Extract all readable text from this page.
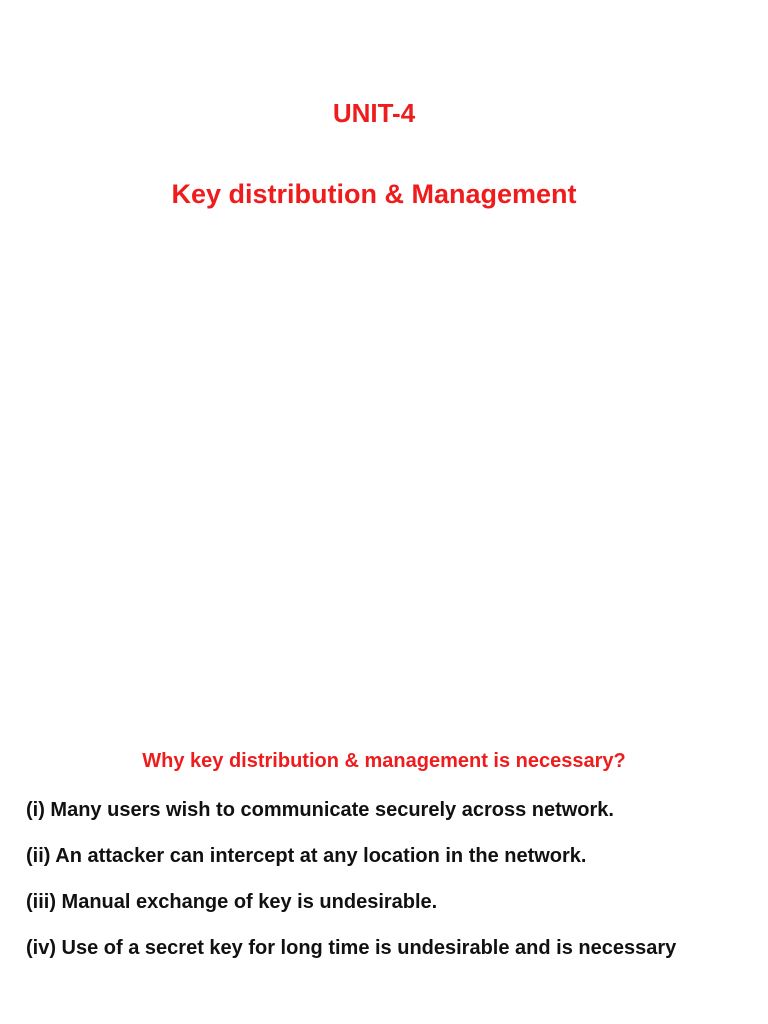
UNIT-4
Key distribution & Management
Why key distribution & management is necessary?
(i) Many users wish to communicate securely across network.
(ii) An attacker can intercept at any location in the network.
(iii) Manual exchange of key is undesirable.
(iv) Use of a secret key for long time is undesirable and is necessary
